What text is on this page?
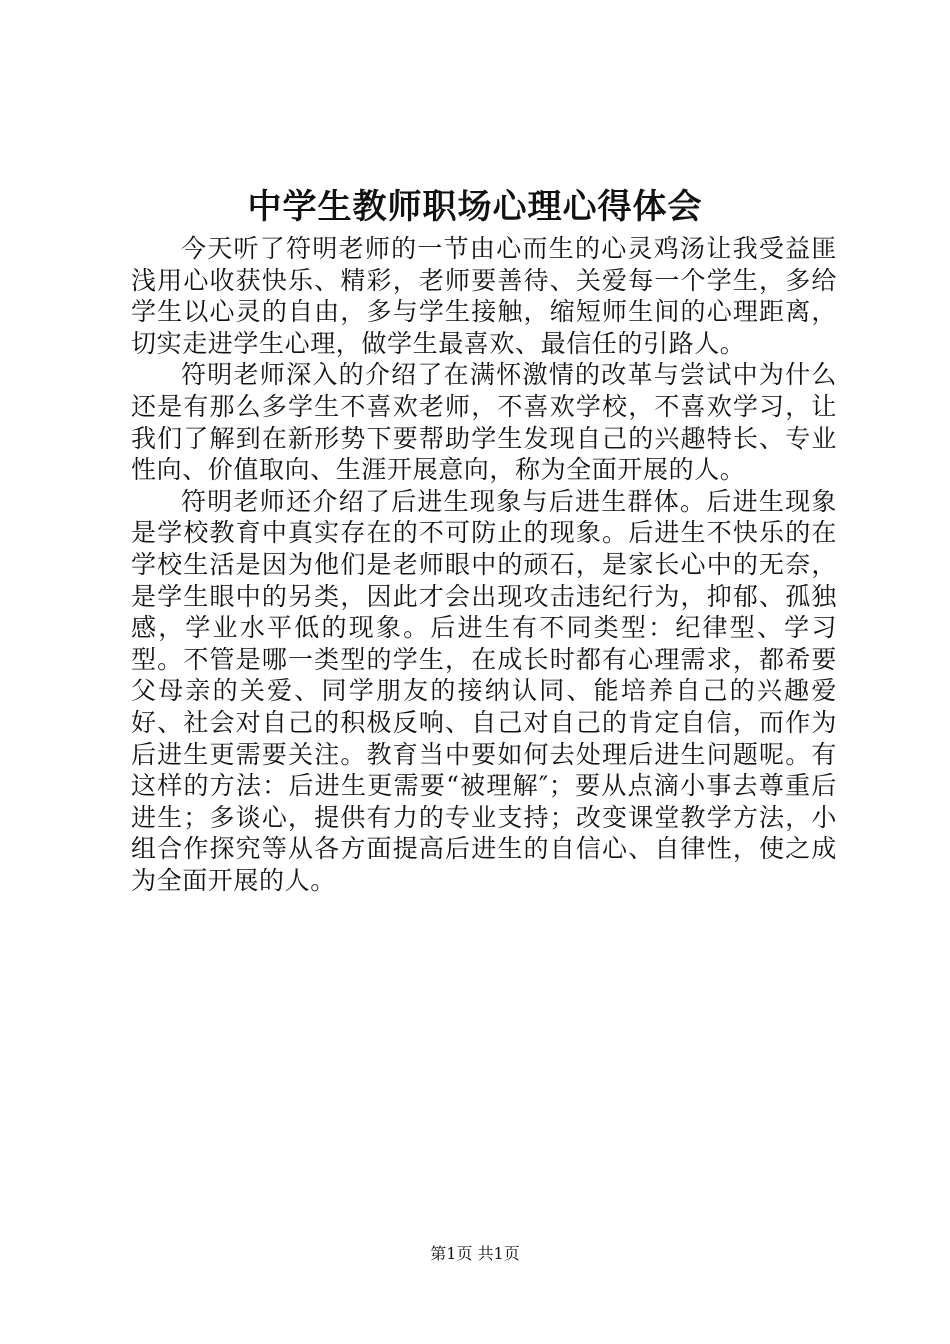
中学生教师职场心理心得体会

今天听了符明老师的一节由心而生的心灵鸡汤让我受益匪浅用心收获快乐、精彩，老师要善待、关爱每一个学生，多给学生以心灵的自由，多与学生接触，缩短师生间的心理距离，切实走进学生心理，做学生最喜欢、最信任的引路人。

符明老师深入的介绍了在满怀激情的改革与尝试中为什么还是有那么多学生不喜欢老师，不喜欢学校，不喜欢学习，让我们了解到在新形势下要帮助学生发现自己的兴趣特长、专业性向、价值取向、生涯开展意向，称为全面开展的人。

符明老师还介绍了后进生现象与后进生群体。后进生现象是学校教育中真实存在的不可防止的现象。后进生不快乐的在学校生活是因为他们是老师眼中的顽石，是家长心中的无奈，是学生眼中的另类，因此才会出现攻击违纪行为，抑郁、孤独感，学业水平低的现象。后进生有不同类型：纪律型、学习型。不管是哪一类型的学生，在成长时都有心理需求，都希要父母亲的关爱、同学朋友的接纳认同、能培养自己的兴趣爱好、社会对自己的积极反响、自己对自己的肯定自信，而作为后进生更需要关注。教育当中要如何去处理后进生问题呢。有这样的方法：后进生更需要“被理解″；要从点滴小事去尊重后进生；多谈心，提供有力的专业支持；改变课堂教学方法，小组合作探究等从各方面提高后进生的自信心、自律性，使之成为全面开展的人。

第1页 共1页
